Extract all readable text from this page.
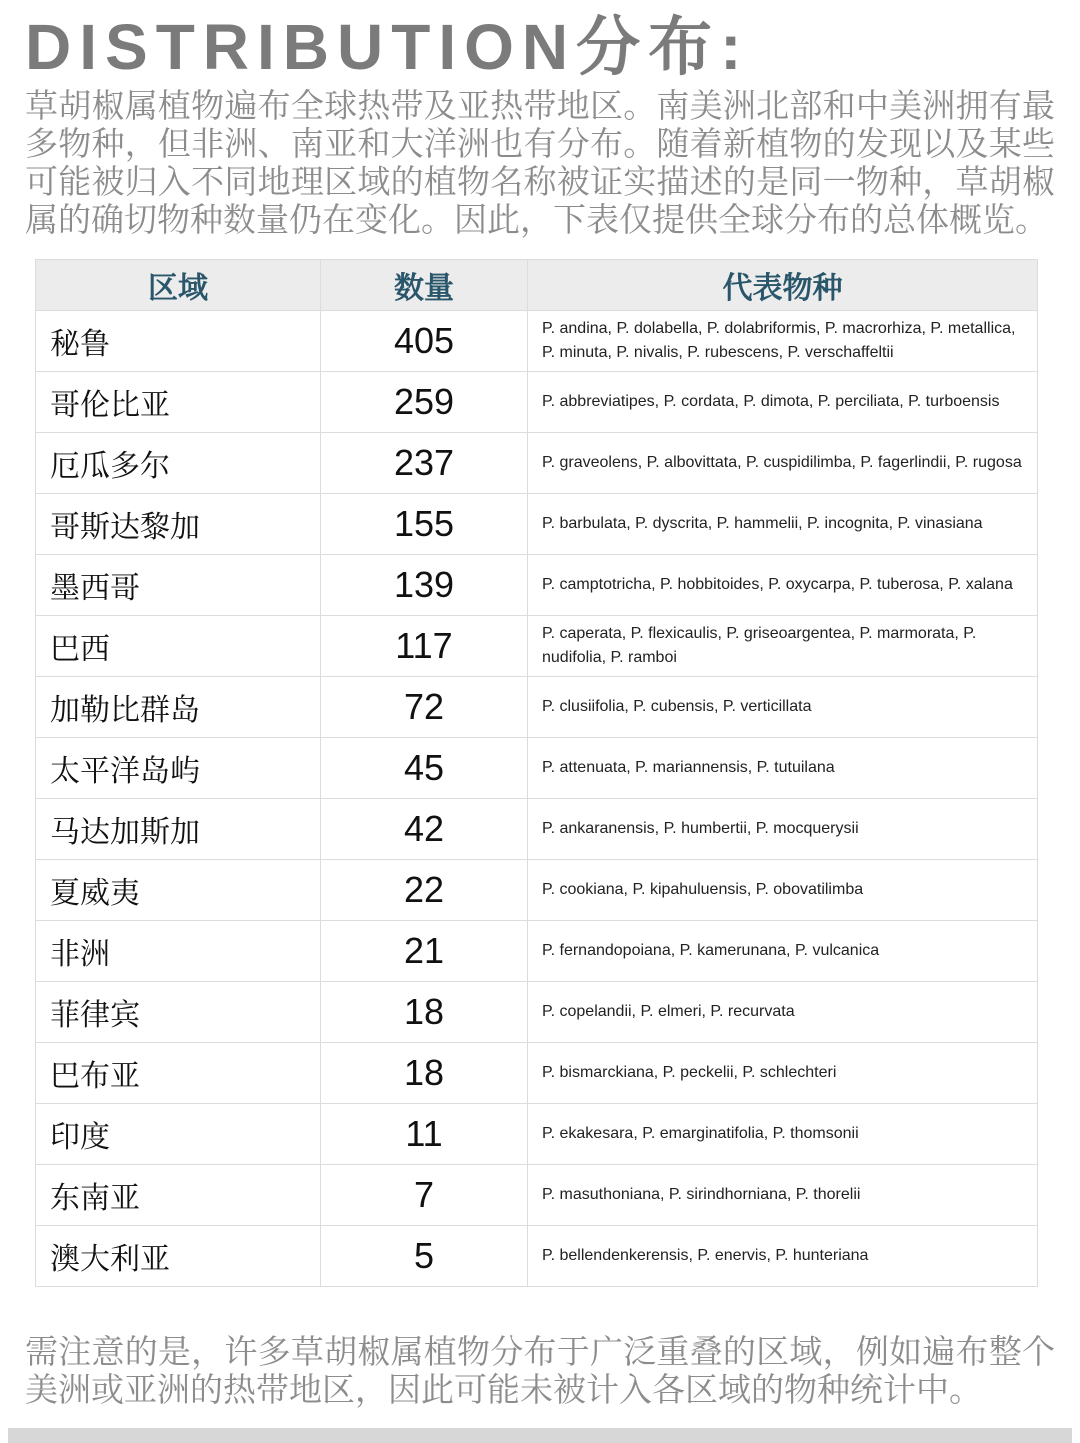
DISTRIBUTION分布:

草胡椒属植物遍布全球热带及亚热带地区。南美洲北部和中美洲拥有最多物种，但非洲、南亚和大洋洲也有分布。随着新植物的发现以及某些可能被归入不同地理区域的植物名称被证实描述的是同一物种，草胡椒属的确切物种数量仍在变化。因此，下表仅提供全球分布的总体概览。

区域	数量	代表物种
秘鲁	405	P. andina, P. dolabella, P. dolabriformis, P. macrorhiza, P. metallica, P. minuta, P. nivalis, P. rubescens, P. verschaffeltii
哥伦比亚	259	P. abbreviatipes, P. cordata, P. dimota, P. perciliata, P. turboensis
厄瓜多尔	237	P. graveolens, P. albovittata, P. cuspidilimba, P. fagerlindii, P. rugosa
哥斯达黎加	155	P. barbulata, P. dyscrita, P. hammelii, P. incognita, P. vinasiana
墨西哥	139	P. camptotricha, P. hobbitoides, P. oxycarpa, P. tuberosa, P. xalana
巴西	117	P. caperata, P. flexicaulis, P. griseoargentea, P. marmorata, P. nudifolia, P. ramboi
加勒比群岛	72	P. clusiifolia, P. cubensis, P. verticillata
太平洋岛屿	45	P. attenuata, P. mariannensis, P. tutuilana
马达加斯加	42	P. ankaranensis, P. humbertii, P. mocquerysii
夏威夷	22	P. cookiana, P. kipahuluensis, P. obovatilimba
非洲	21	P. fernandopoiana, P. kamerunana, P. vulcanica
菲律宾	18	P. copelandii, P. elmeri, P. recurvata
巴布亚	18	P. bismarckiana, P. peckelii, P. schlechteri
印度	11	P. ekakesara, P. emarginatifolia, P. thomsonii
东南亚	7	P. masuthoniana, P. sirindhorniana, P. thorelii
澳大利亚	5	P. bellendenkerensis, P. enervis, P. hunteriana

需注意的是，许多草胡椒属植物分布于广泛重叠的区域，例如遍布整个美洲或亚洲的热带地区，因此可能未被计入各区域的物种统计中。
